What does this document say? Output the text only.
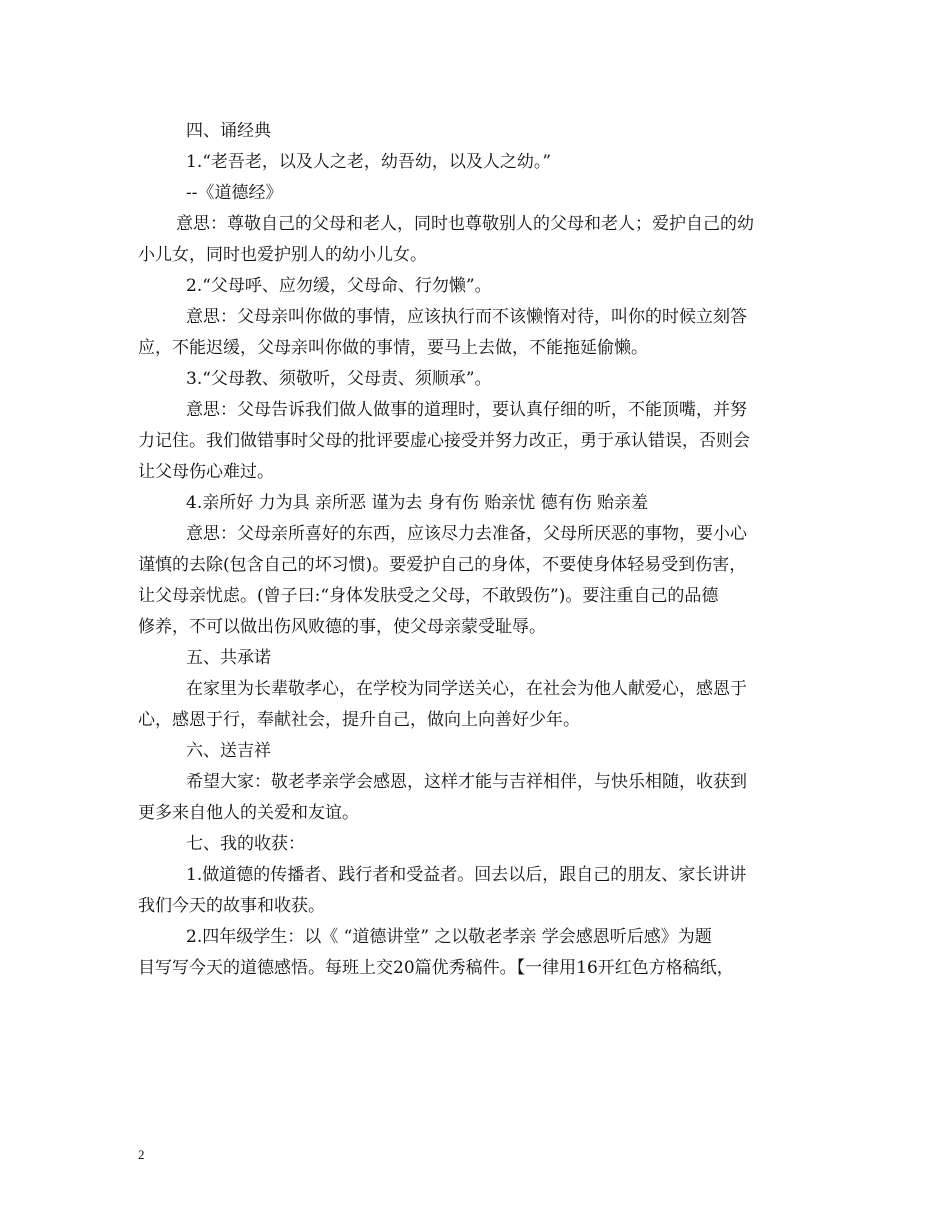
四、诵经典
1.“老吾老，以及人之老，幼吾幼，以及人之幼。”
--《道德经》
意思：尊敬自己的父母和老人，同时也尊敬别人的父母和老人；爱护自己的幼
小儿女，同时也爱护别人的幼小儿女。
2.“父母呼、应勿缓，父母命、行勿懒”。
意思：父母亲叫你做的事情，应该执行而不该懒惰对待，叫你的时候立刻答
应，不能迟缓，父母亲叫你做的事情，要马上去做，不能拖延偷懒。
3.“父母教、须敬听，父母责、须顺承”。
意思：父母告诉我们做人做事的道理时，要认真仔细的听，不能顶嘴，并努
力记住。我们做错事时父母的批评要虚心接受并努力改正，勇于承认错误，否则会
让父母伤心难过。
4.亲所好 力为具 亲所恶 谨为去 身有伤 贻亲忧 德有伤 贻亲羞
意思：父母亲所喜好的东西，应该尽力去准备，父母所厌恶的事物，要小心
谨慎的去除(包含自己的坏习惯)。要爱护自己的身体，不要使身体轻易受到伤害，
让父母亲忧虑。(曾子曰:“身体发肤受之父母，不敢毁伤”)。要注重自己的品德
修养，不可以做出伤风败德的事，使父母亲蒙受耻辱。
五、共承诺
在家里为长辈敬孝心，在学校为同学送关心，在社会为他人献爱心，感恩于
心，感恩于行，奉献社会，提升自己，做向上向善好少年。
六、送吉祥
希望大家：敬老孝亲学会感恩，这样才能与吉祥相伴，与快乐相随，收获到
更多来自他人的关爱和友谊。
七、我的收获：
1.做道德的传播者、践行者和受益者。回去以后，跟自己的朋友、家长讲讲
我们今天的故事和收获。
2.四年级学生：以《 “道德讲堂” 之以敬老孝亲 学会感恩听后感》为题
目写写今天的道德感悟。每班上交20篇优秀稿件。【一律用16开红色方格稿纸，
2
